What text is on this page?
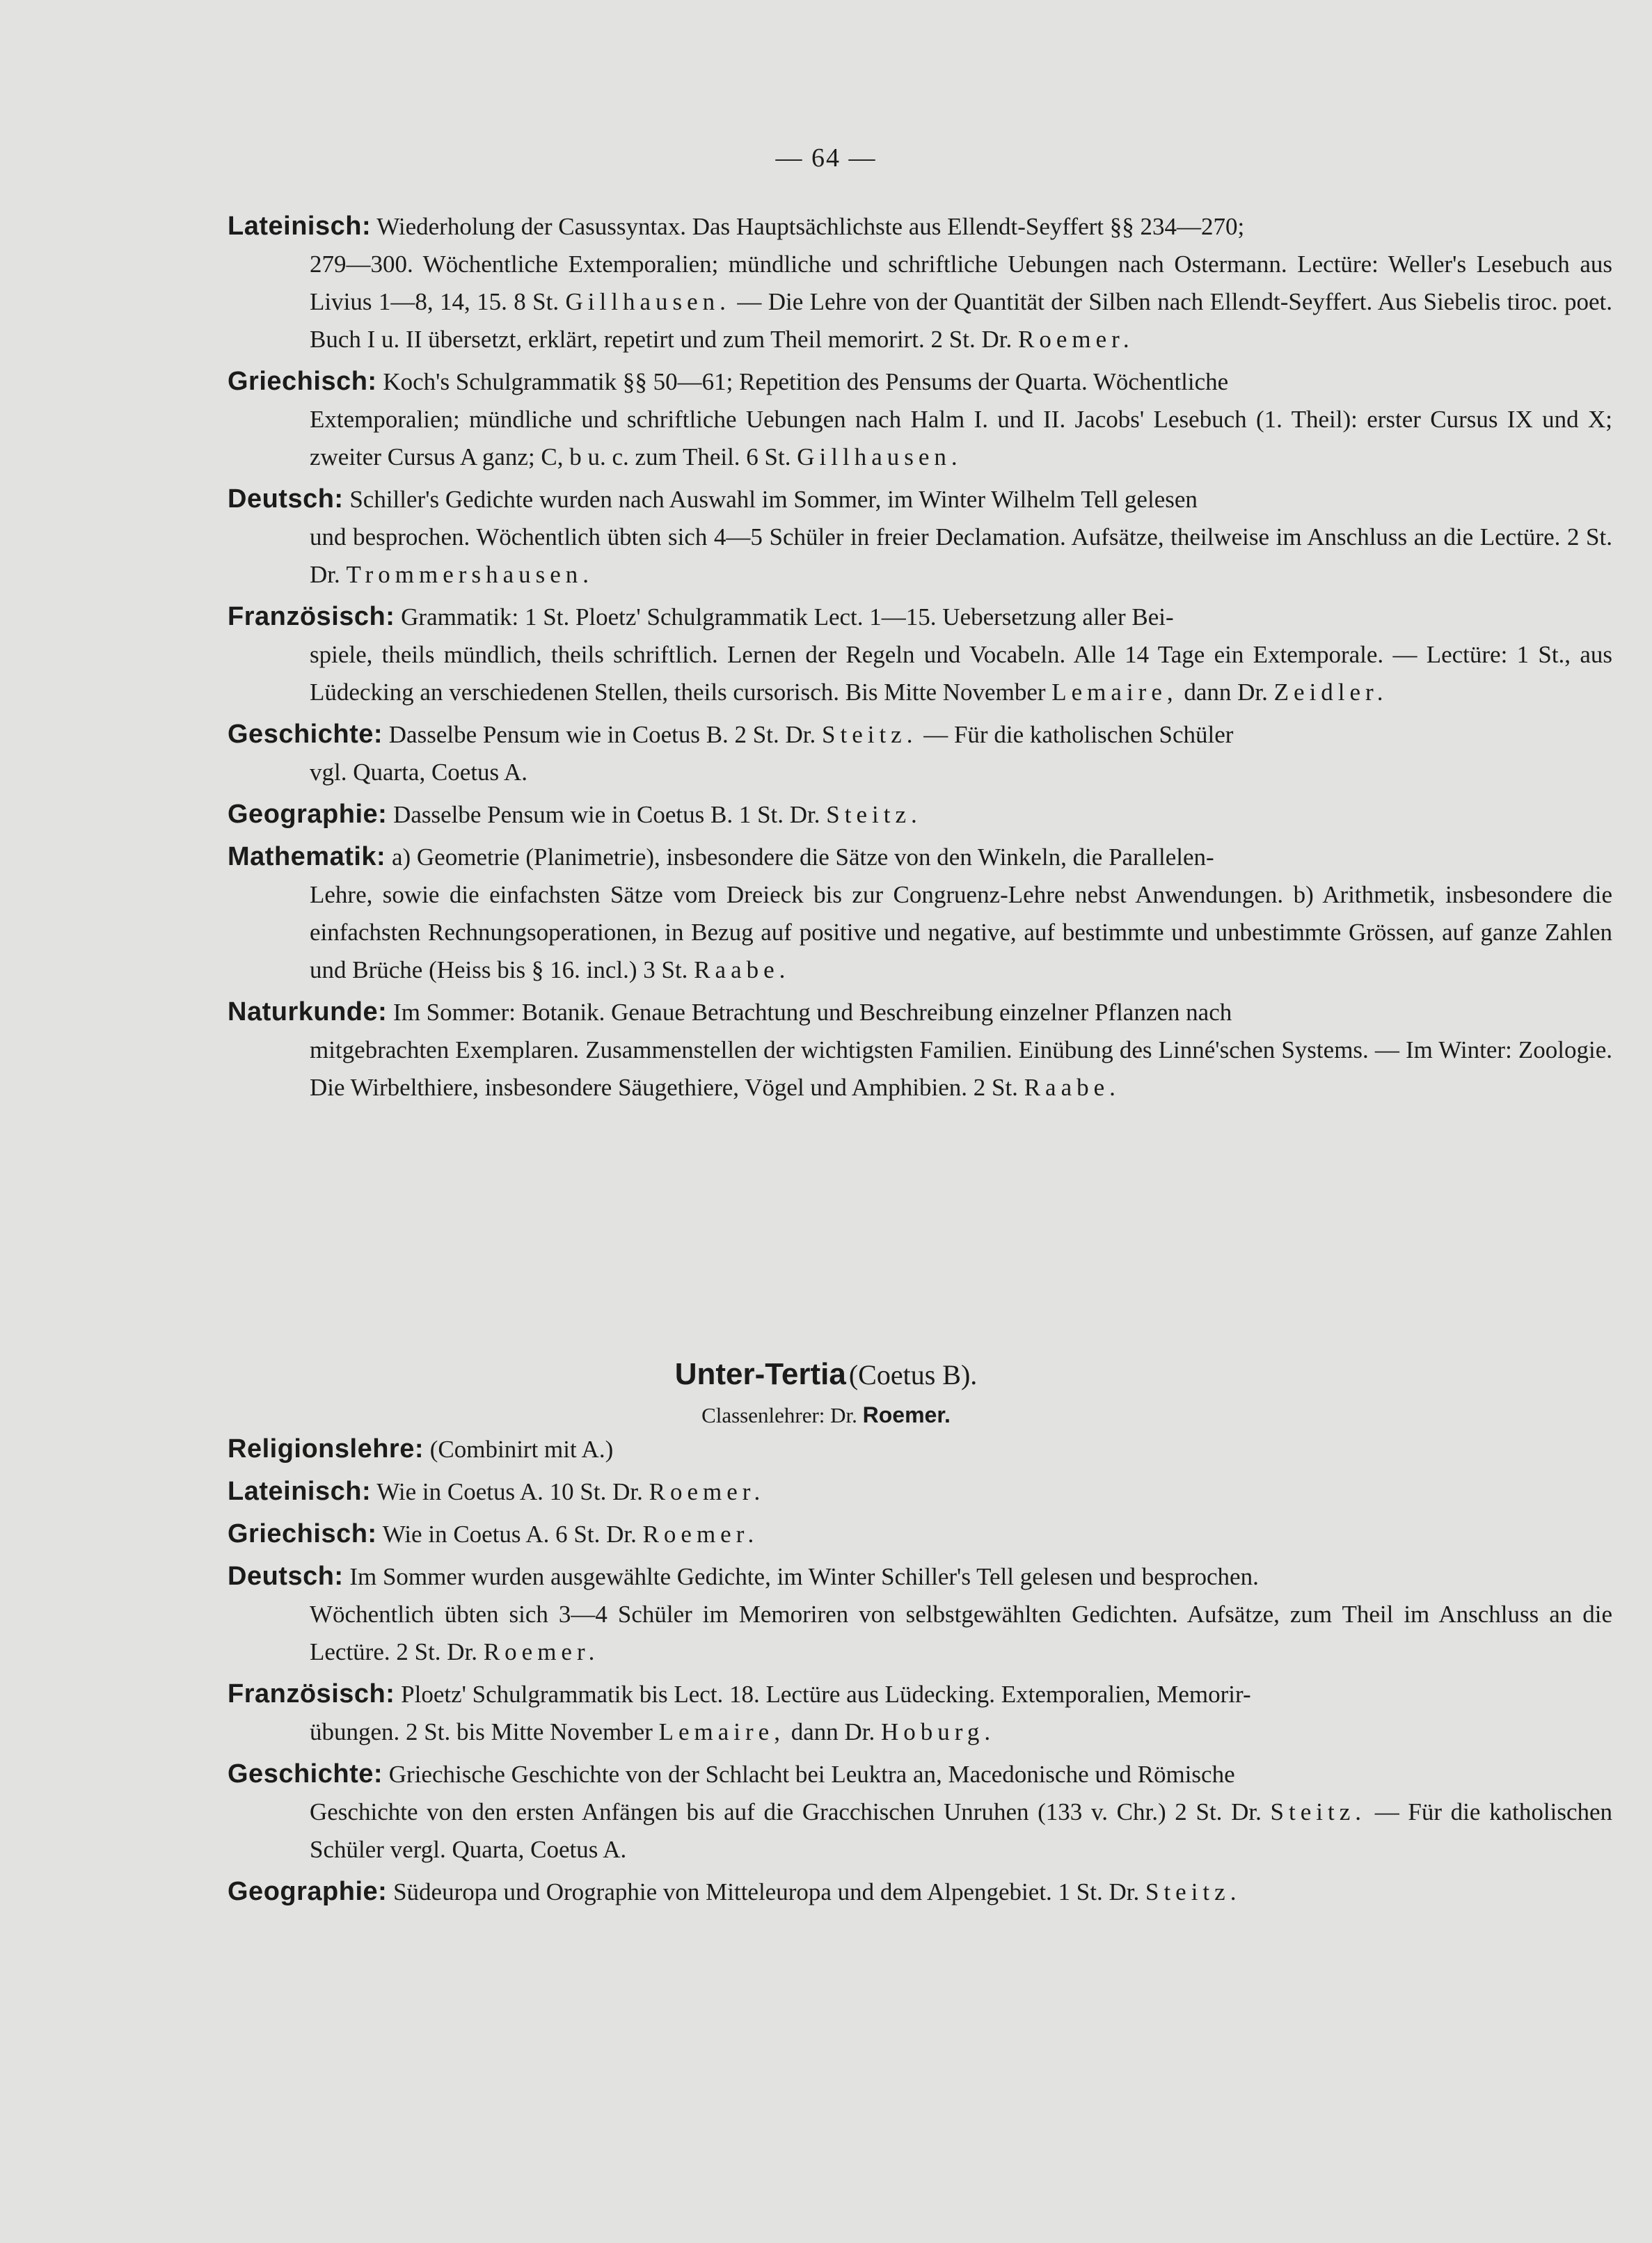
— 64 —
Lateinisch: Wiederholung der Casussyntax. Das Hauptsächlichste aus Ellendt-Seyffert §§ 234—270;
279—300. Wöchentliche Extemporalien; mündliche und schriftliche Uebungen nach Ostermann. Lectüre: Weller's Lesebuch aus Livius 1—8, 14, 15. 8 St. Gillhausen. — Die Lehre von der Quantität der Silben nach Ellendt-Seyffert. Aus Siebelis tiroc. poet. Buch I u. II übersetzt, erklärt, repetirt und zum Theil memorirt. 2 St. Dr. Roemer.
Griechisch: Koch's Schulgrammatik §§ 50—61; Repetition des Pensums der Quarta. Wöchentliche
Extemporalien; mündliche und schriftliche Uebungen nach Halm I. und II. Jacobs' Lesebuch (1. Theil): erster Cursus IX und X; zweiter Cursus A ganz; C, b u. c. zum Theil. 6 St. Gillhausen.
Deutsch: Schiller's Gedichte wurden nach Auswahl im Sommer, im Winter Wilhelm Tell gelesen
und besprochen. Wöchentlich übten sich 4—5 Schüler in freier Declamation. Aufsätze, theilweise im Anschluss an die Lectüre. 2 St. Dr. Trommershausen.
Französisch: Grammatik: 1 St. Ploetz' Schulgrammatik Lect. 1—15. Uebersetzung aller Bei-
spiele, theils mündlich, theils schriftlich. Lernen der Regeln und Vocabeln. Alle 14 Tage ein Extemporale. — Lectüre: 1 St., aus Lüdecking an verschiedenen Stellen, theils cursorisch. Bis Mitte November Lemaire, dann Dr. Zeidler.
Geschichte: Dasselbe Pensum wie in Coetus B. 2 St. Dr. Steitz. — Für die katholischen Schüler
vgl. Quarta, Coetus A.
Geographie: Dasselbe Pensum wie in Coetus B. 1 St. Dr. Steitz.
Mathematik: a) Geometrie (Planimetrie), insbesondere die Sätze von den Winkeln, die Parallelen-
Lehre, sowie die einfachsten Sätze vom Dreieck bis zur Congruenz-Lehre nebst Anwendungen. b) Arithmetik, insbesondere die einfachsten Rechnungsoperationen, in Bezug auf positive und negative, auf bestimmte und unbestimmte Grössen, auf ganze Zahlen und Brüche (Heiss bis § 16. incl.) 3 St. Raabe.
Naturkunde: Im Sommer: Botanik. Genaue Betrachtung und Beschreibung einzelner Pflanzen nach
mitgebrachten Exemplaren. Zusammenstellen der wichtigsten Familien. Einübung des Linné'schen Systems. — Im Winter: Zoologie. Die Wirbelthiere, insbesondere Säugethiere, Vögel und Amphibien. 2 St. Raabe.
Unter-Tertia (Coetus B).
Classenlehrer: Dr. Roemer.
Religionslehre: (Combinirt mit A.)
Lateinisch: Wie in Coetus A. 10 St. Dr. Roemer.
Griechisch: Wie in Coetus A. 6 St. Dr. Roemer.
Deutsch: Im Sommer wurden ausgewählte Gedichte, im Winter Schiller's Tell gelesen und besprochen.
Wöchentlich übten sich 3—4 Schüler im Memoriren von selbstgewählten Gedichten. Aufsätze, zum Theil im Anschluss an die Lectüre. 2 St. Dr. Roemer.
Französisch: Ploetz' Schulgrammatik bis Lect. 18. Lectüre aus Lüdecking. Extemporalien, Memorir-
übungen. 2 St. bis Mitte November Lemaire, dann Dr. Hoburg.
Geschichte: Griechische Geschichte von der Schlacht bei Leuktra an, Macedonische und Römische
Geschichte von den ersten Anfängen bis auf die Gracchischen Unruhen (133 v. Chr.) 2 St. Dr. Steitz. — Für die katholischen Schüler vergl. Quarta, Coetus A.
Geographie: Südeuropa und Orographie von Mitteleuropa und dem Alpengebiet. 1 St. Dr. Steitz.
